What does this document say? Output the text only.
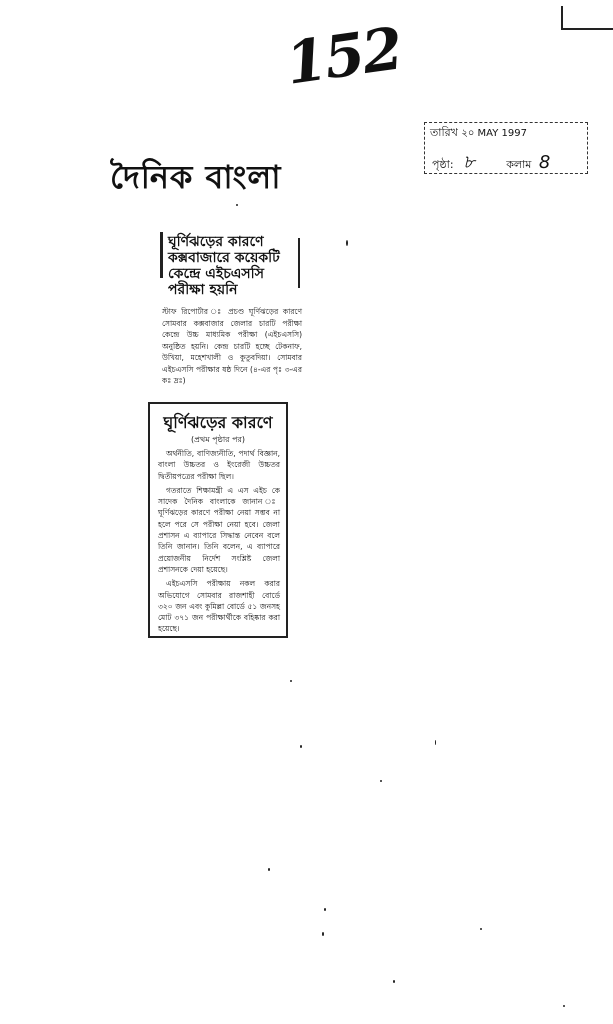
152
তারিখ ২০ MAY 1997
পৃষ্ঠা: ৮	কলাম 8
দৈনিক বাংলা
ঘূর্ণিঝড়ের কারণে কক্সবাজারে কয়েকটি কেন্দ্রে এইচএসসি পরীক্ষা হয়নি
স্টাফ রিপোর্টার ঃ প্রচণ্ড ঘূর্ণিঝড়ের কারণে সোমবার কক্সবাজার জেলার চারটি পরীক্ষা কেন্দ্রে উচ্চ মাধ্যমিক পরীক্ষা (এইচএসসি) অনুষ্ঠিত হয়নি। কেন্দ্র চারটি হচ্ছে টেকনাফ, উখিয়া, মহেশখালী ও কুতুবদিয়া। সোমবার এইচএসসি পরীক্ষার ষষ্ঠ দিনে (৪-এর পৃঃ ৩-এর কঃ দ্রঃ)
ঘূর্ণিঝড়ের কারণে
(প্রথম পৃষ্ঠার পর)

অর্থনীতি, বাণিজ্যনীতি, পদার্থ বিজ্ঞান, বাংলা উচ্চতর ও ইংরেজী উচ্চতর দ্বিতীয়পত্রের পরীক্ষা ছিল।

গতরাতে শিক্ষামন্ত্রী এ এস এইচ কে সাদেক দৈনিক বাংলাকে জানান ঃ ঘূর্ণিঝড়ের কারণে পরীক্ষা নেয়া সম্ভব না হলে পরে সে পরীক্ষা নেয়া হবে। জেলা প্রশাসন এ ব্যাপারে সিদ্ধান্ত নেবেন বলে তিনি জানান। তিনি বলেন, এ ব্যাপারে প্রয়োজনীয় নির্দেশ সংশ্লিষ্ট জেলা প্রশাসনকে দেয়া হয়েছে।

এইচএসসি পরীক্ষায় নকল করার অভিযোগে সোমবার রাজশাহী বোর্ডে ৩২০ জন এবং কুমিল্লা বোর্ডে ৫১ জনসহ মোট ৩৭১ জন পরীক্ষার্থীকে বহিষ্কার করা হয়েছে।
